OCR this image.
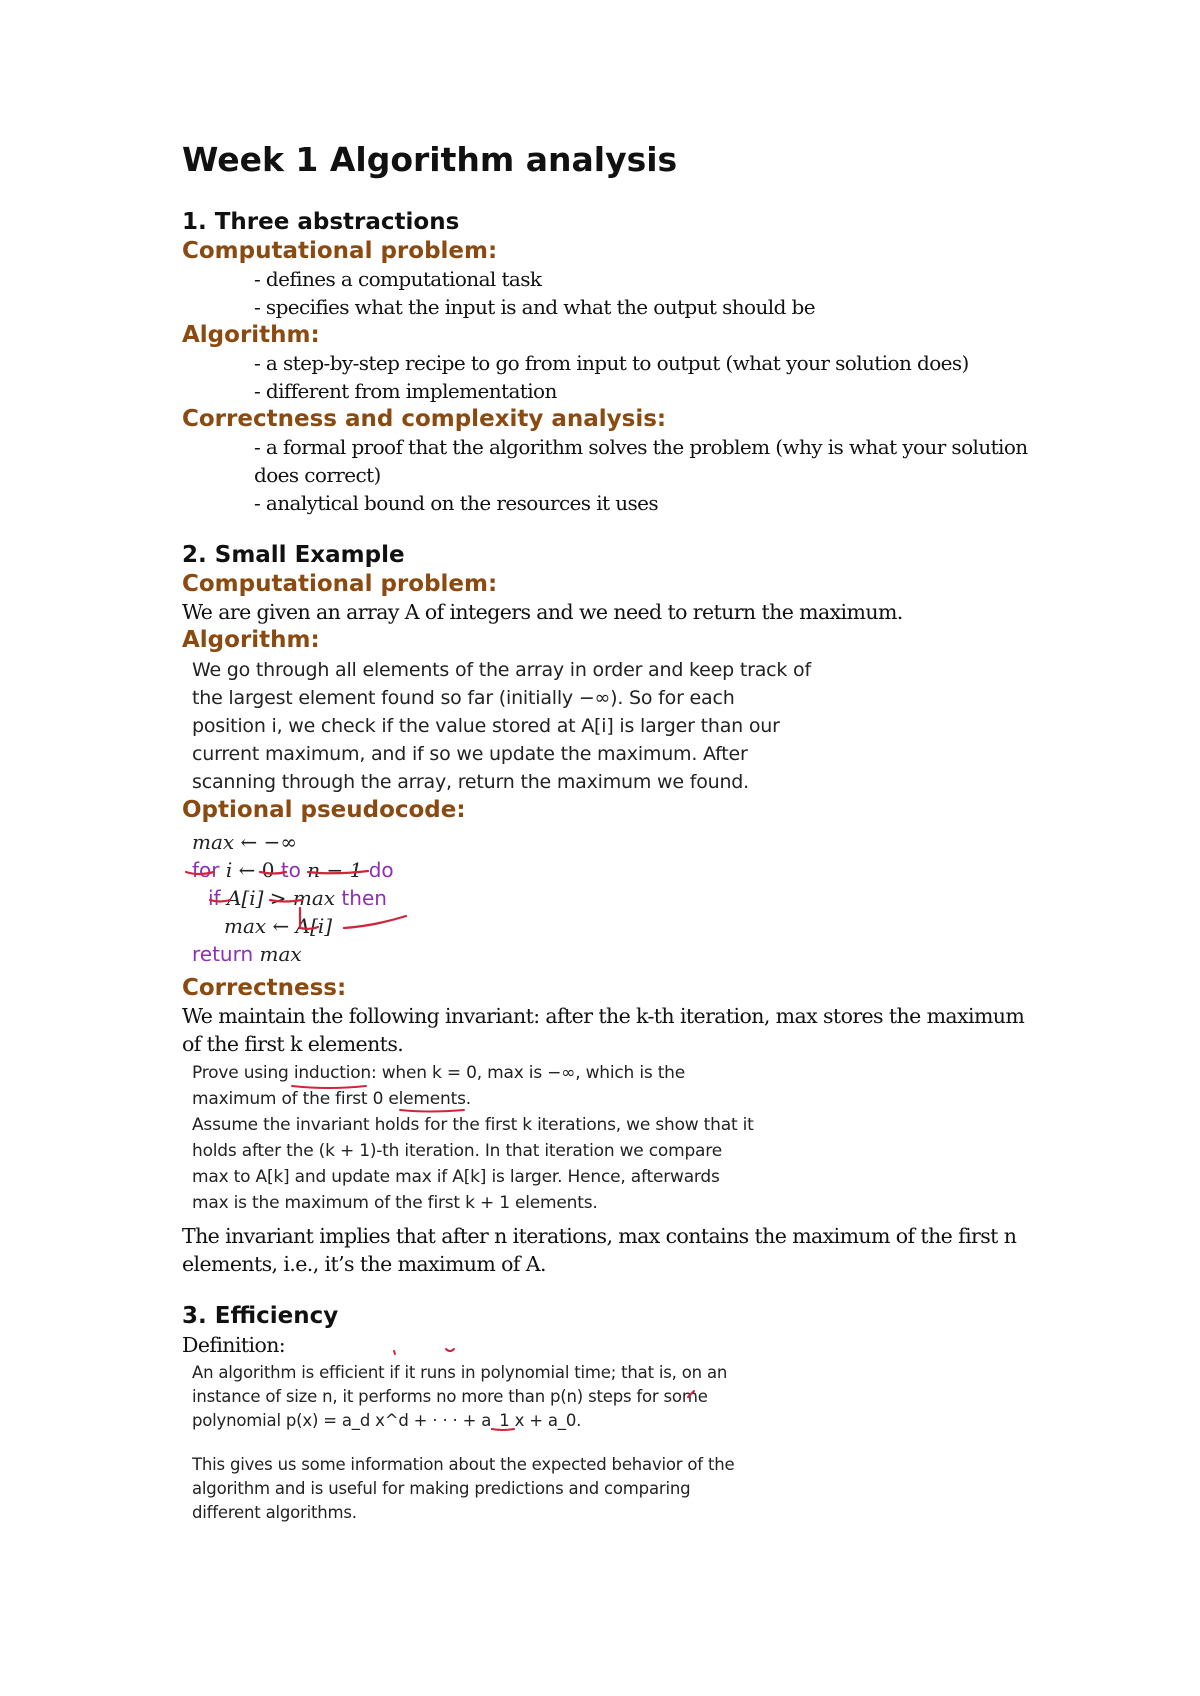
Week 1 Algorithm analysis
1. Three abstractions
Computational problem:
- defines a computational task
- specifies what the input is and what the output should be
Algorithm:
- a step-by-step recipe to go from input to output (what your solution does)
- different from implementation
Correctness and complexity analysis:
- a formal proof that the algorithm solves the problem (why is what your solution does correct)
- analytical bound on the resources it uses
2. Small Example
Computational problem:

We are given an array A of integers and we need to return the maximum.

Algorithm:
We go through all elements of the array in order and keep track of
the largest element found so far (initially −∞). So for each
position i, we check if the value stored at A[i] is larger than our
current maximum, and if so we update the maximum. After
scanning through the array, return the maximum we found.
Optional pseudocode:
max ← −∞
for i ← 0 to n − 1 do
if A[i] > max then
max ← A[i]
return max
Correctness:

We maintain the following invariant: after the k-th iteration, max stores the maximum of the first k elements.

Prove using induction: when k = 0, max is −∞, which is the
maximum of the first 0 elements.
Assume the invariant holds for the first k iterations, we show that it
holds after the (k + 1)-th iteration. In that iteration we compare
max to A[k] and update max if A[k] is larger. Hence, afterwards
max is the maximum of the first k + 1 elements.

The invariant implies that after n iterations, max contains the maximum of the first n elements, i.e., it’s the maximum of A.

3. Efficiency

Definition:

An algorithm is efficient if it runs in polynomial time; that is, on an
instance of size n, it performs no more than p(n) steps for some
polynomial p(x) = a_d x^d + · · · + a_1 x + a_0.
This gives us some information about the expected behavior of the
algorithm and is useful for making predictions and comparing
different algorithms.
